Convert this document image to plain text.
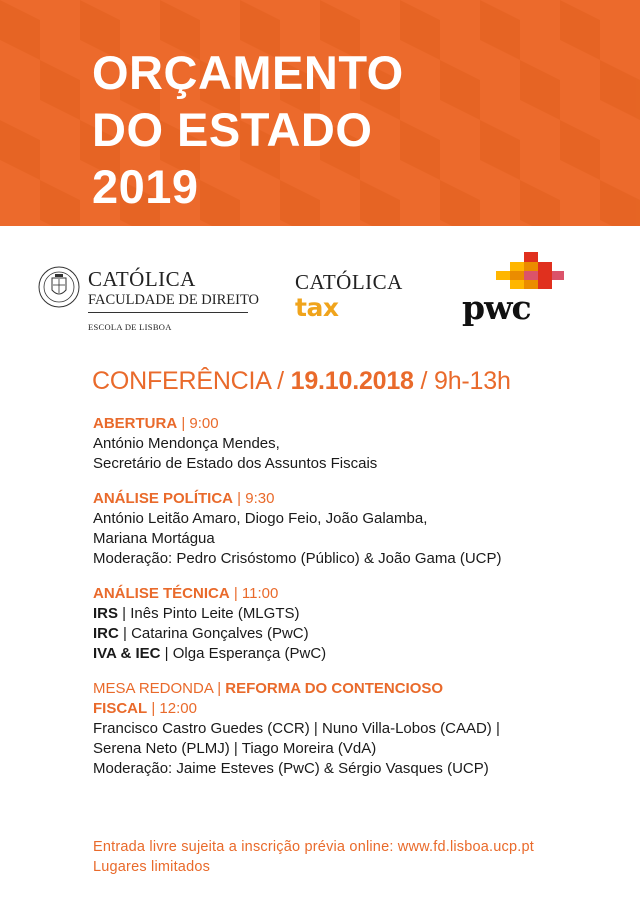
ORÇAMENTO
DO ESTADO
2019
CATÓLICA
FACULDADE DE DIREITO
ESCOLA DE LISBOA
CATÓLICA
tax	pwc
CONFERÊNCIA / 19.10.2018 / 9h-13h
ABERTURA | 9:00
António Mendonça Mendes,
Secretário de Estado dos Assuntos Fiscais
ANÁLISE POLÍTICA | 9:30
António Leitão Amaro, Diogo Feio, João Galamba,
Mariana Mortágua
Moderação: Pedro Crisóstomo (Público) & João Gama (UCP)
ANÁLISE TÉCNICA | 11:00
IRS | Inês Pinto Leite (MLGTS)
IRC | Catarina Gonçalves (PwC)
IVA & IEC | Olga Esperança (PwC)
MESA REDONDA | REFORMA DO CONTENCIOSO
FISCAL | 12:00
Francisco Castro Guedes (CCR) | Nuno Villa-Lobos (CAAD) |
Serena Neto (PLMJ) | Tiago Moreira (VdA)
Moderação: Jaime Esteves (PwC) & Sérgio Vasques (UCP)
Entrada livre sujeita a inscrição prévia online: www.fd.lisboa.ucp.pt
Lugares limitados
